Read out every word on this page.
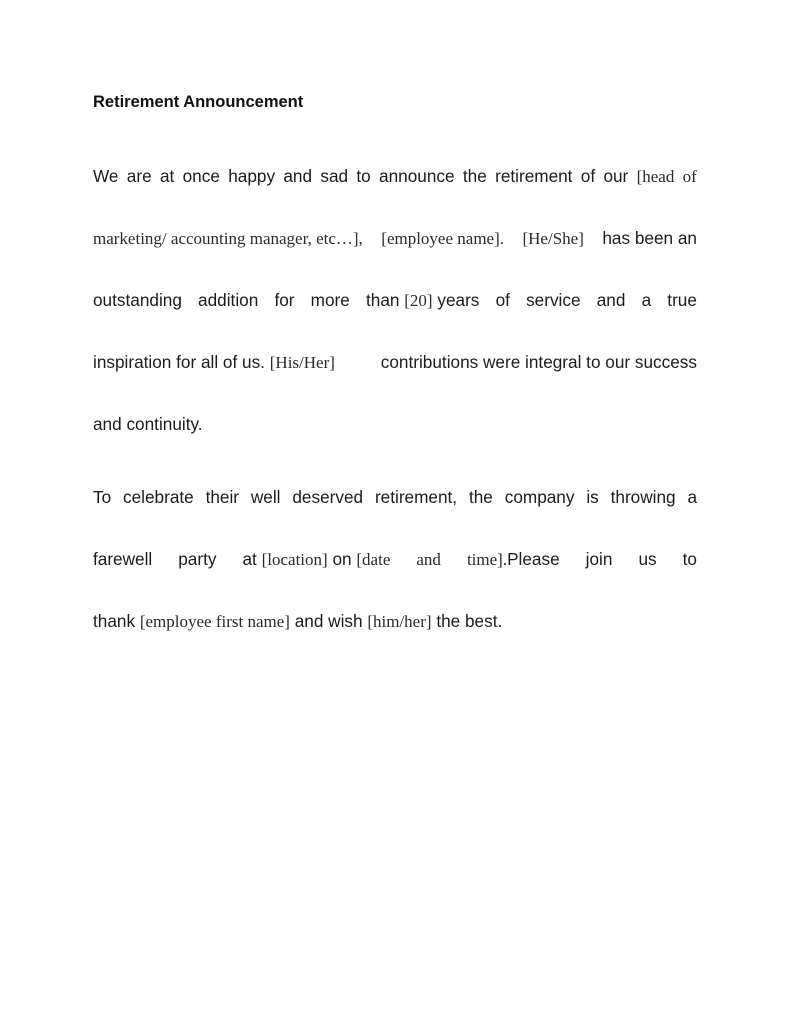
Retirement Announcement
We are at once happy and sad to announce the retirement of our [head of
marketing/ accounting manager, etc…], [employee name]. [He/She] has been an
outstanding addition for more than [20] years of service and a true
inspiration for all of us. [His/Her]	contributions were integral to our success
and continuity.
To celebrate their well deserved retirement, the company is throwing a
farewell party at [location] on [date and time].Please join us to
thank [employee first name] and wish [him/her] the best.
